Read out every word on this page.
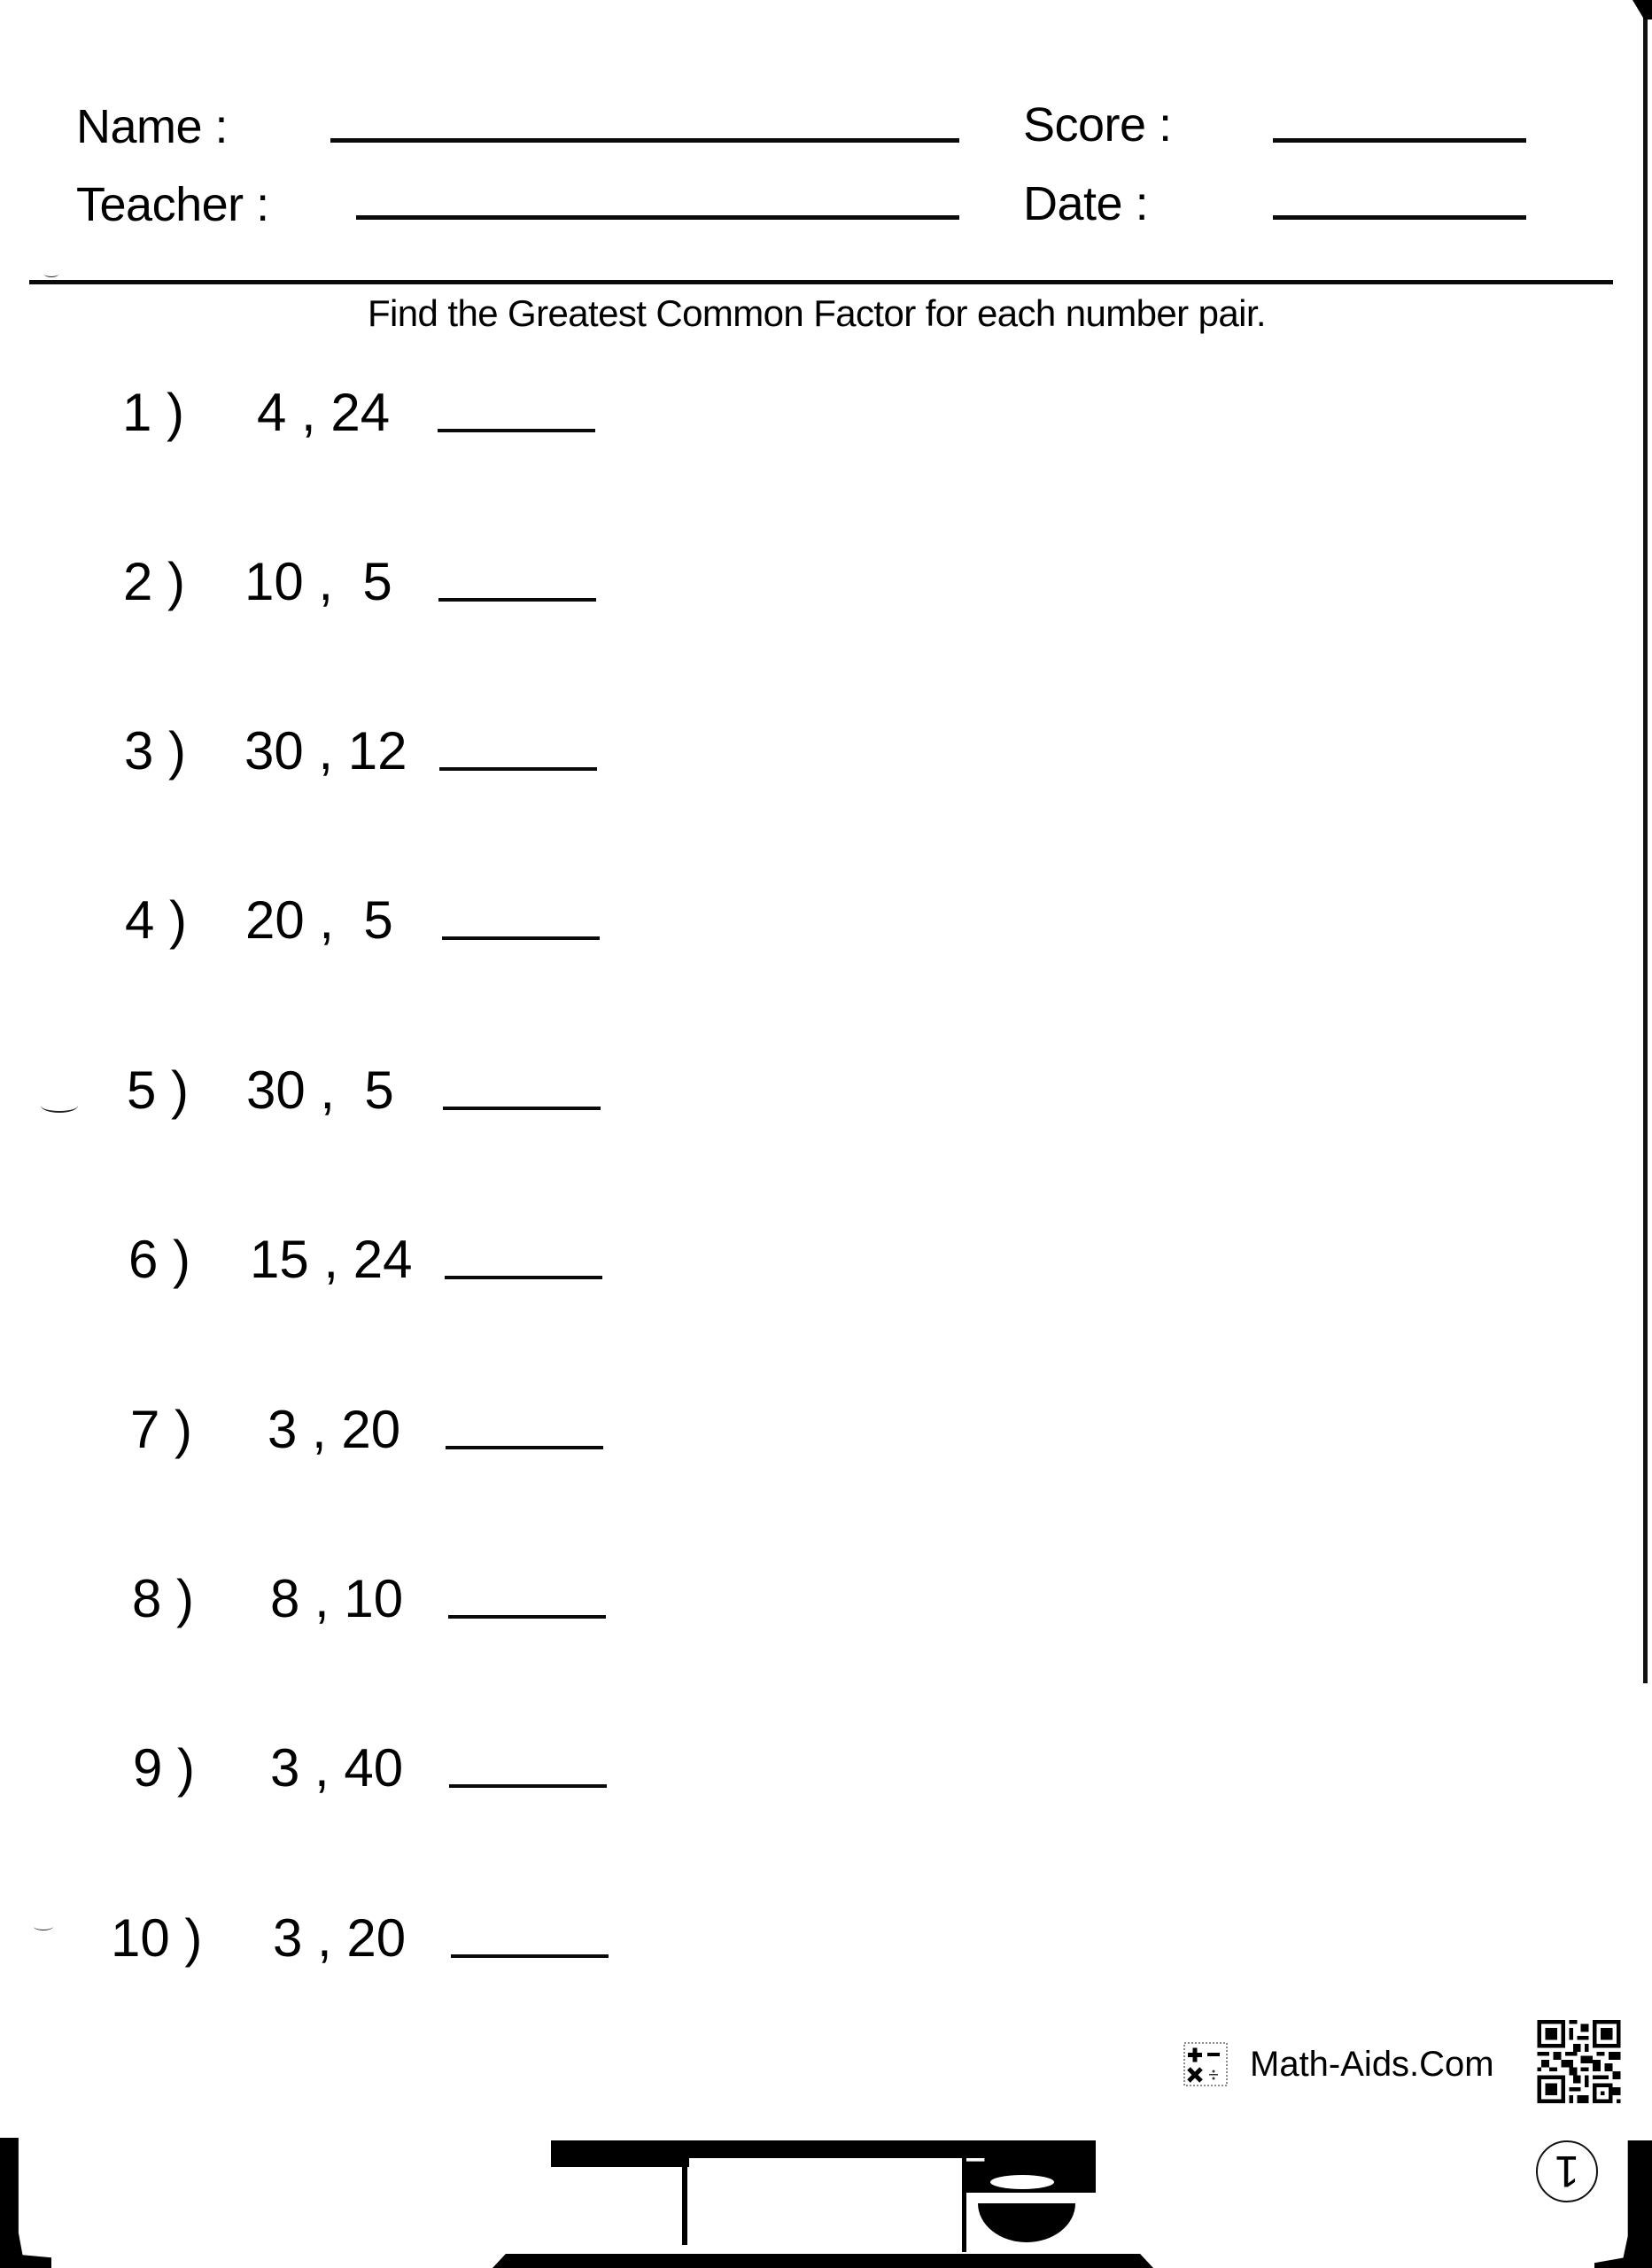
Name :
Teacher :
Score :
Date :
Find the Greatest Common Factor for each number pair.
1 ) 4 , 24
2 ) 10 ,  5
3 ) 30 , 12
4 ) 20 ,  5
5 ) 30 ,  5
6 ) 15 , 24
7 ) 3 , 20
8 ) 8 , 10
9 ) 3 , 40
10 ) 3 , 20
Math-Aids.Com
1
